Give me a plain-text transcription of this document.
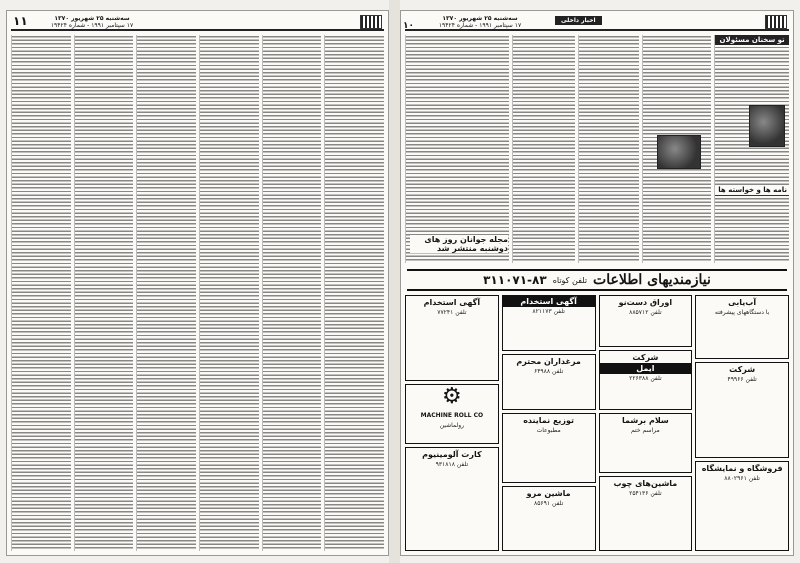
۱۱	سه‌شنبه ۲۵ شهریور ۱۳۷۰
۱۷ سپتامبر ۱۹۹۱ - شماره ۱۹۴۲۴
اخبار داخلی
سه‌شنبه ۲۵ شهریور ۱۳۷۰
۱۷ سپتامبر ۱۹۹۱ - شماره ۱۹۴۲۴
۱۰
تو سخنان مسئولان
نامه ها و خواسته ها
مجله جوانان روز های دوشنبه منتشر شد
نیازمندیهای اطلاعات
تلفن کوتاه
۳۱۱۰۷۱-۸۳
آب‌یابی
با دستگاههای پیشرفته
شرکت
تلفن ۴۹۹۶۶
فروشگاه و نمایشگاه
تلفن ۸۸۰۲۹۶۱
اوراق دست‌نو
تلفن ۸۸۵۷۱۲
شرکت
ایمل
تلفن ۲۲۶۳۸۸
سلام برشما
مراسم ختم
ماشین‌های چوب
تلفن ۲۵۴۱۳۶
آگهی استخدام
تلفن ۸۲۱۱۷۳
مرغداران محترم
تلفن ۶۴۹۸۸
توزیع نماینده
مطبوعات
ماشین مرو
تلفن ۸۵۶۹۱
آگهی استخدام
تلفن ۷۷۲۴۱
⚙
MACHINE ROLL CO
رولماشین
کارت آلومینیوم
تلفن ۹۳۱۸۱۸
